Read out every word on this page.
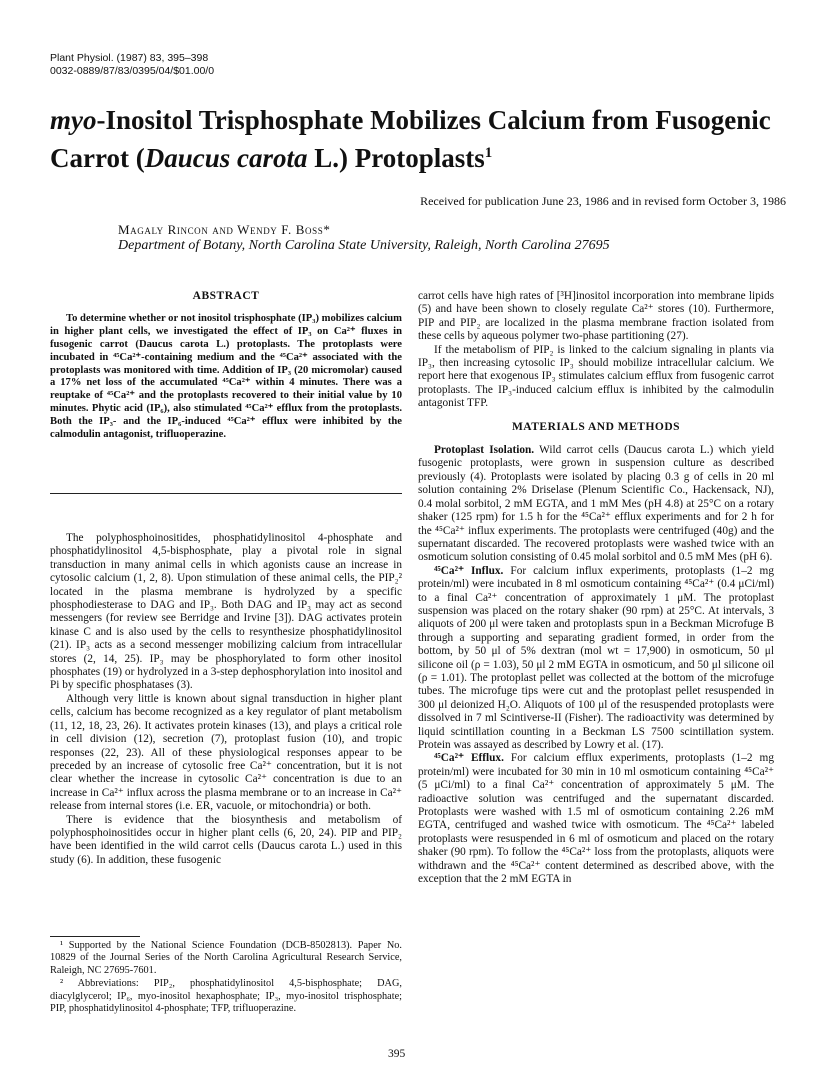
Plant Physiol. (1987) 83, 395–398
0032-0889/87/83/0395/04/$01.00/0
myo-Inositol Trisphosphate Mobilizes Calcium from Fusogenic
Carrot (Daucus carota L.) Protoplasts$^1$
Received for publication June 23, 1986 and in revised form October 3, 1986
Magaly Rincon and Wendy F. Boss*
Department of Botany, North Carolina State University, Raleigh, North Carolina 27695
ABSTRACT

To determine whether or not inositol trisphosphate (IP₃) mobilizes calcium in higher plant cells, we investigated the effect of IP₃ on Ca²⁺ fluxes in fusogenic carrot (Daucus carota L.) protoplasts. The protoplasts were incubated in ⁴⁵Ca²⁺-containing medium and the ⁴⁵Ca²⁺ associated with the protoplasts was monitored with time. Addition of IP₃ (20 micromolar) caused a 17% net loss of the accumulated ⁴⁵Ca²⁺ within 4 minutes. There was a reuptake of ⁴⁵Ca²⁺ and the protoplasts recovered to their initial value by 10 minutes. Phytic acid (IP₆), also stimulated ⁴⁵Ca²⁺ efflux from the protoplasts. Both the IP₃- and the IP₆-induced ⁴⁵Ca²⁺ efflux were inhibited by the calmodulin antagonist, trifluoperazine.

The polyphosphoinositides, phosphatidylinositol 4-phosphate and phosphatidylinositol 4,5-bisphosphate, play a pivotal role in signal transduction in many animal cells in which agonists cause an increase in cytosolic calcium (1, 2, 8). Upon stimulation of these animal cells, the PIP₂² located in the plasma membrane is hydrolyzed by a specific phosphodiesterase to DAG and IP₃. Both DAG and IP₃ may act as second messengers (for review see Berridge and Irvine [3]). DAG activates protein kinase C and is also used by the cells to resynthesize phosphatidylinositol (21). IP₃ acts as a second messenger mobilizing calcium from intracellular stores (2, 14, 25). IP₃ may be phosphorylated to form other inositol phosphates (19) or hydrolyzed in a 3-step dephosphorylation into inositol and Pi by specific phosphatases (3).

Although very little is known about signal transduction in higher plant cells, calcium has become recognized as a key regulator of plant metabolism (11, 12, 18, 23, 26). It activates protein kinases (13), and plays a critical role in cell division (12), secretion (7), protoplast fusion (10), and tropic responses (22, 23). All of these physiological responses appear to be preceded by an increase of cytosolic free Ca²⁺ concentration, but it is not clear whether the increase in cytosolic Ca²⁺ concentration is due to an increase in Ca²⁺ influx across the plasma membrane or to an increase in Ca²⁺ release from internal stores (i.e. ER, vacuole, or mitochondria) or both.

There is evidence that the biosynthesis and metabolism of polyphosphoinositides occur in higher plant cells (6, 20, 24). PIP and PIP₂ have been identified in the wild carrot cells (Daucus carota L.) used in this study (6). In addition, these fusogenic

¹ Supported by the National Science Foundation (DCB-8502813). Paper No. 10829 of the Journal Series of the North Carolina Agricultural Research Service, Raleigh, NC 27695-7601.

² Abbreviations: PIP₂, phosphatidylinositol 4,5-bisphosphate; DAG, diacylglycerol; IP₆, myo-inositol hexaphosphate; IP₃, myo-inositol trisphosphate; PIP, phosphatidylinositol 4-phosphate; TFP, trifluoperazine.

carrot cells have high rates of [³H]inositol incorporation into membrane lipids (5) and have been shown to closely regulate Ca²⁺ stores (10). Furthermore, PIP and PIP₂ are localized in the plasma membrane fraction isolated from these cells by aqueous polymer two-phase partitioning (27).

If the metabolism of PIP₂ is linked to the calcium signaling in plants via IP₃, then increasing cytosolic IP₃ should mobilize intracellular calcium. We report here that exogenous IP₃ stimulates calcium efflux from fusogenic carrot protoplasts. The IP₃-induced calcium efflux is inhibited by the calmodulin antagonist TFP.

MATERIALS AND METHODS

Protoplast Isolation. Wild carrot cells (Daucus carota L.) which yield fusogenic protoplasts, were grown in suspension culture as described previously (4). Protoplasts were isolated by placing 0.3 g of cells in 20 ml solution containing 2% Driselase (Plenum Scientific Co., Hackensack, NJ), 0.4 molal sorbitol, 2 mM EGTA, and 1 mM Mes (pH 4.8) at 25°C on a rotary shaker (125 rpm) for 1.5 h for the ⁴⁵Ca²⁺ efflux experiments and for 2 h for the ⁴⁵Ca²⁺ influx experiments. The protoplasts were centrifuged (40g) and the supernatant discarded. The recovered protoplasts were washed twice with an osmoticum solution consisting of 0.45 molal sorbitol and 0.5 mM Mes (pH 6).

⁴⁵Ca²⁺ Influx. For calcium influx experiments, protoplasts (1–2 mg protein/ml) were incubated in 8 ml osmoticum containing ⁴⁵Ca²⁺ (0.4 μCi/ml) to a final Ca²⁺ concentration of approximately 1 μM. The protoplast suspension was placed on the rotary shaker (90 rpm) at 25°C. At intervals, 3 aliquots of 200 μl were taken and protoplasts spun in a Beckman Microfuge B through a supporting and separating gradient formed, in order from the bottom, by 50 μl of 5% dextran (mol wt = 17,900) in osmoticum, 50 μl silicone oil (ρ = 1.03), 50 μl 2 mM EGTA in osmoticum, and 50 μl silicone oil (ρ = 1.01). The protoplast pellet was collected at the bottom of the microfuge tubes. The microfuge tips were cut and the protoplast pellet resuspended in 300 μl deionized H₂O. Aliquots of 100 μl of the resuspended protoplasts were dissolved in 7 ml Scintiverse-II (Fisher). The radioactivity was determined by liquid scintillation counting in a Beckman LS 7500 scintillation system. Protein was assayed as described by Lowry et al. (17).

⁴⁵Ca²⁺ Efflux. For calcium efflux experiments, protoplasts (1–2 mg protein/ml) were incubated for 30 min in 10 ml osmoticum containing ⁴⁵Ca²⁺ (5 μCi/ml) to a final Ca²⁺ concentration of approximately 5 μM. The radioactive solution was centrifuged and the supernatant discarded. Protoplasts were washed with 1.5 ml of osmoticum containing 2.26 mM EGTA, centrifuged and washed twice with osmoticum. The ⁴⁵Ca²⁺ labeled protoplasts were resuspended in 6 ml of osmoticum and placed on the rotary shaker (90 rpm). To follow the ⁴⁵Ca²⁺ loss from the protoplasts, aliquots were withdrawn and the ⁴⁵Ca²⁺ content determined as described above, with the exception that the 2 mM EGTA in

395
